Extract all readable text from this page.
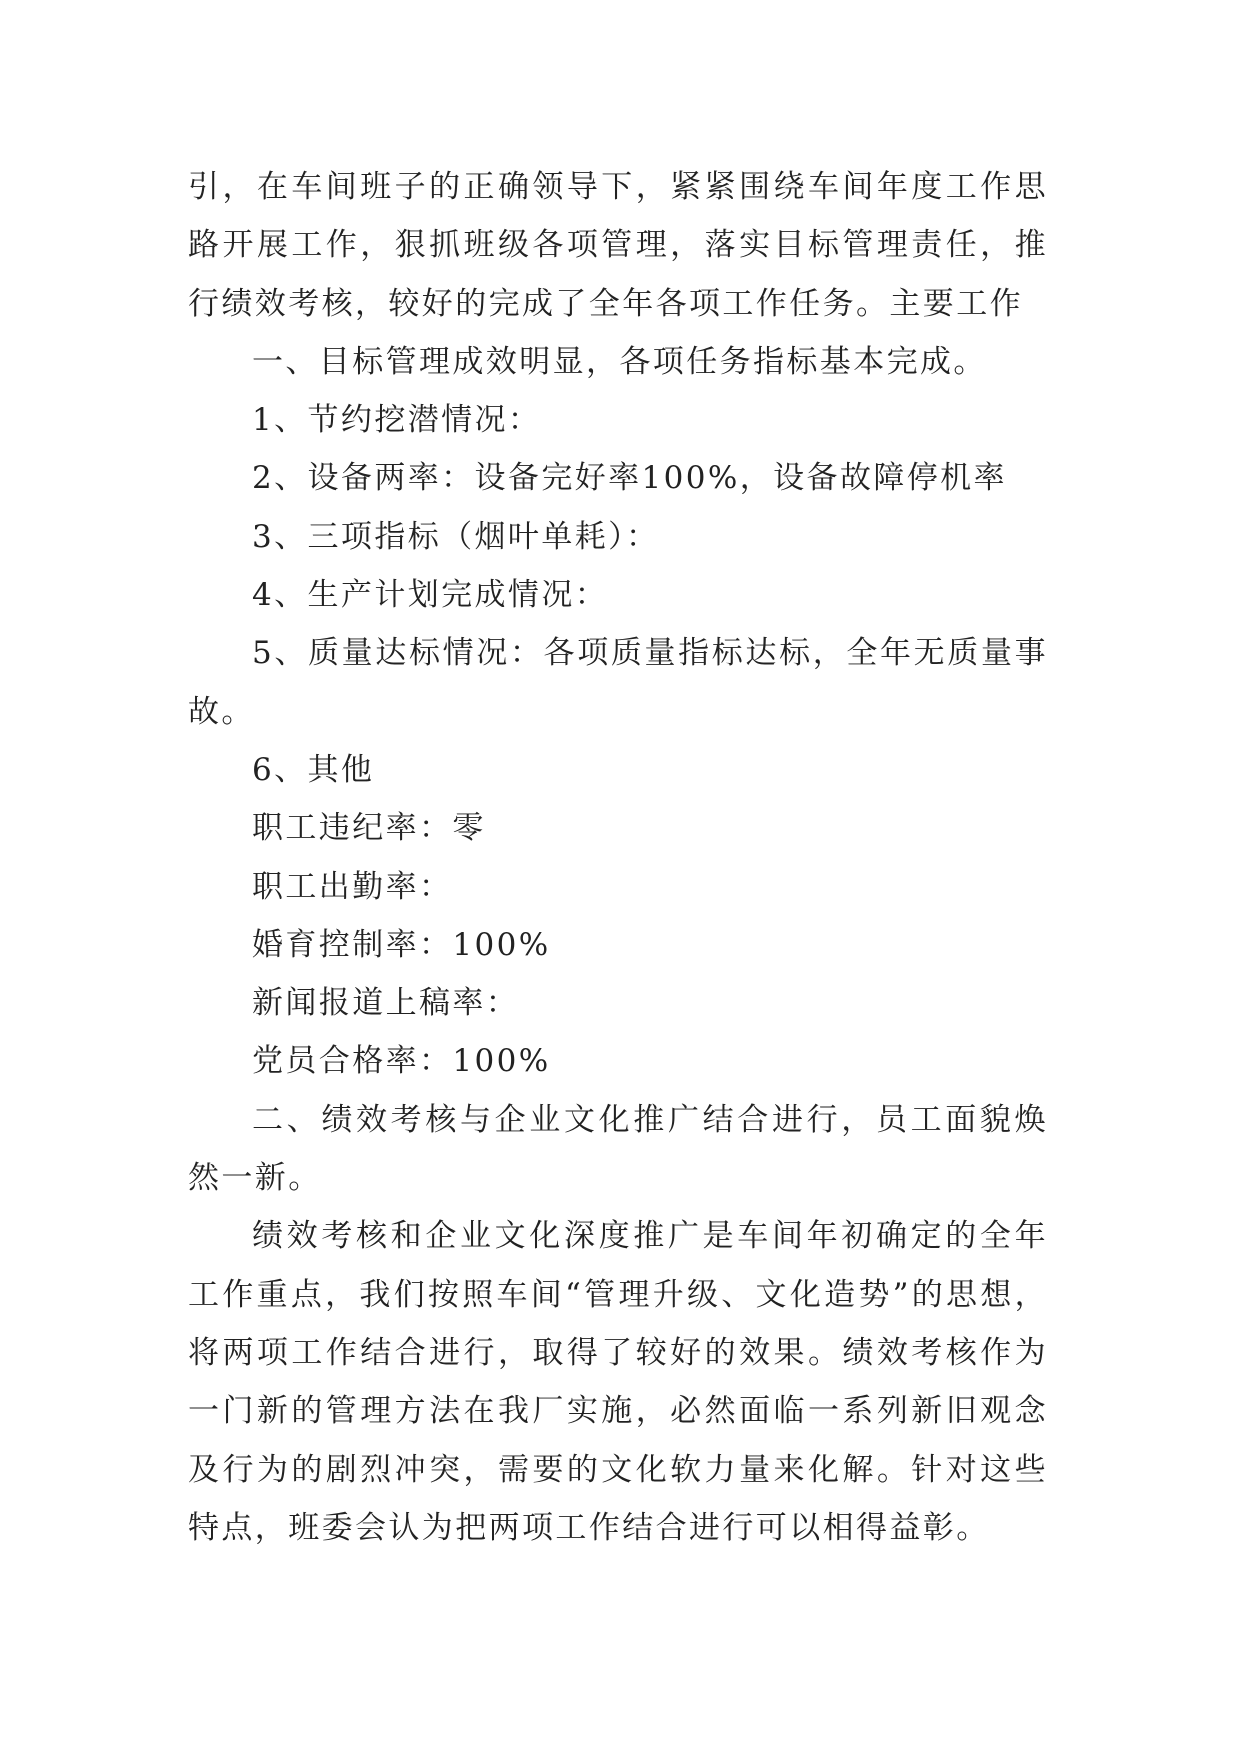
引，在车间班子的正确领导下，紧紧围绕车间年度工作思路开展工作，狠抓班级各项管理，落实目标管理责任，推行绩效考核，较好的完成了全年各项工作任务。主要工作

一、目标管理成效明显，各项任务指标基本完成。

1、节约挖潜情况：

2、设备两率：设备完好率100%，设备故障停机率

3、三项指标（烟叶单耗）：

4、生产计划完成情况：

5、质量达标情况：各项质量指标达标，全年无质量事故。

6、其他

职工违纪率：零

职工出勤率：

婚育控制率：100%

新闻报道上稿率：

党员合格率：100%

二、绩效考核与企业文化推广结合进行，员工面貌焕然一新。

绩效考核和企业文化深度推广是车间年初确定的全年工作重点，我们按照车间“管理升级、文化造势”的思想，将两项工作结合进行，取得了较好的效果。绩效考核作为一门新的管理方法在我厂实施，必然面临一系列新旧观念及行为的剧烈冲突，需要的文化软力量来化解。针对这些特点，班委会认为把两项工作结合进行可以相得益彰。
